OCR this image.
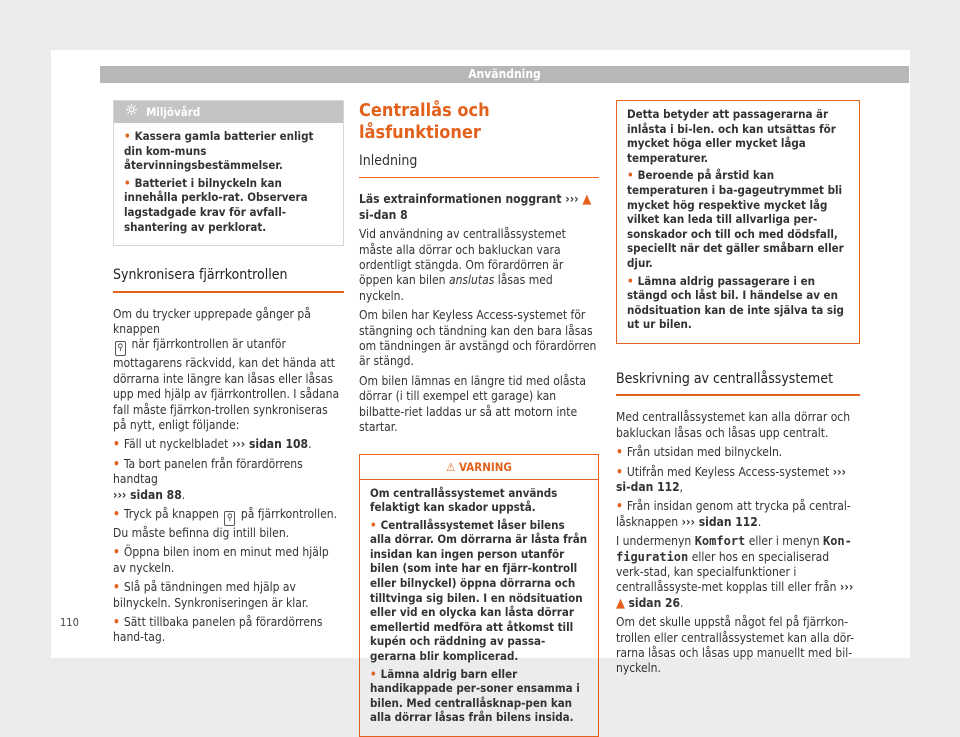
Användning
Miljövård

• Kassera gamla batterier enligt din kom-muns återvinningsbestämmelser.

• Batteriet i bilnyckeln kan innehålla perklo-rat. Observera lagstadgade krav för avfall-shantering av perklorat.

Synkronisera fjärrkontrollen

Om du trycker upprepade gånger på knappen
⚲ när fjärrkontrollen är utanför mottagarens räckvidd, kan det hända att dörrarna inte längre kan låsas eller låsas upp med hjälp av fjärrkontrollen. I sådana fall måste fjärrkon-trollen synkroniseras på nytt, enligt följande:

• Fäll ut nyckelbladet ››› sidan 108.

• Ta bort panelen från förardörrens handtag
››› sidan 88.

• Tryck på knappen ⚲ på fjärrkontrollen. Du måste befinna dig intill bilen.

• Öppna bilen inom en minut med hjälp av nyckeln.

• Slå på tändningen med hjälp av bilnyckeln. Synkroniseringen är klar.

• Sätt tillbaka panelen på förardörrens hand-tag.

Centrallås och låsfunktioner
Inledning

Läs extrainformationen noggrant ››› ▲ si-dan 8

Vid användning av centrallåssystemet måste alla dörrar och bakluckan vara ordentligt stängda. Om förardörren är öppen kan bilen anslutas låsas med nyckeln.

Om bilen har Keyless Access-systemet för stängning och tändning kan den bara låsas om tändningen är avstängd och förardörren är stängd.

Om bilen lämnas en längre tid med olåsta dörrar (i till exempel ett garage) kan bilbatte-riet laddas ur så att motorn inte startar.

⚠ VARNING

Om centrallåssystemet används felaktigt kan skador uppstå.

• Centrallåssystemet låser bilens alla dörrar. Om dörrarna är låsta från insidan kan ingen person utanför bilen (som inte har en fjärr-kontroll eller bilnyckel) öppna dörrarna och tilltvinga sig bilen. I en nödsituation eller vid en olycka kan låsta dörrar emellertid medföra att åtkomst till kupén och räddning av passa-gerarna blir komplicerad.

• Lämna aldrig barn eller handikappade per-soner ensamma i bilen. Med centrallåsknap-pen kan alla dörrar låsas från bilens insida.

Detta betyder att passagerarna är inlåsta i bi-len. och kan utsättas för mycket höga eller mycket låga temperaturer.

• Beroende på årstid kan temperaturen i ba-gageutrymmet bli mycket hög respektive mycket låg vilket kan leda till allvarliga per-sonskador och till och med dödsfall, speciellt när det gäller småbarn eller djur.

• Lämna aldrig passagerare i en stängd och låst bil. I händelse av en nödsituation kan de inte själva ta sig ut ur bilen.

Beskrivning av centrallåssystemet

Med centrallåssystemet kan alla dörrar och bakluckan låsas och låsas upp centralt.

• Från utsidan med bilnyckeln.

• Utifrån med Keyless Access-systemet ››› si-dan 112,

• Från insidan genom att trycka på central-låsknappen ››› sidan 112.

I undermenyn Komfort eller i menyn Kon-figuration eller hos en specialiserad verk-stad, kan specialfunktioner i centrallåssyste-met kopplas till eller från ››› ▲ sidan 26.

Om det skulle uppstå något fel på fjärrkon-trollen eller centrallåssystemet kan alla dör-rarna låsas och låsas upp manuellt med bil-nyckeln.

110
